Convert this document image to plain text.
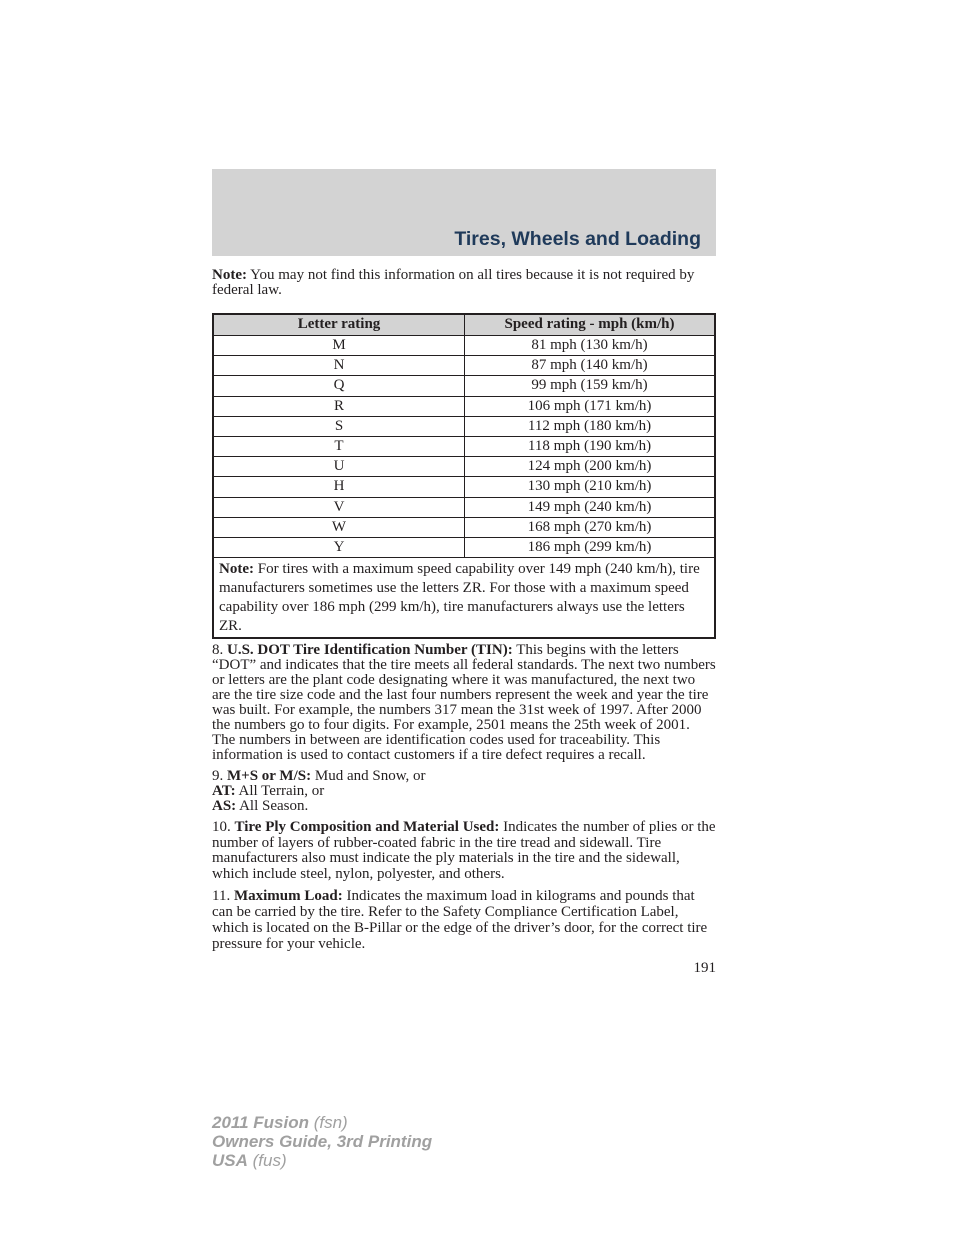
Tires, Wheels and Loading

Note: You may not find this information on all tires because it is not required by federal law.

Letter rating	Speed rating - mph (km/h)
M	81 mph (130 km/h)
N	87 mph (140 km/h)
Q	99 mph (159 km/h)
R	106 mph (171 km/h)
S	112 mph (180 km/h)
T	118 mph (190 km/h)
U	124 mph (200 km/h)
H	130 mph (210 km/h)
V	149 mph (240 km/h)
W	168 mph (270 km/h)
Y	186 mph (299 km/h)
Note: For tires with a maximum speed capability over 149 mph (240 km/h), tire manufacturers sometimes use the letters ZR. For those with a maximum speed capability over 186 mph (299 km/h), tire manufacturers always use the letters ZR.	

8. U.S. DOT Tire Identification Number (TIN): This begins with the letters “DOT” and indicates that the tire meets all federal standards. The next two numbers or letters are the plant code designating where it was manufactured, the next two are the tire size code and the last four numbers represent the week and year the tire was built. For example, the numbers 317 mean the 31st week of 1997. After 2000 the numbers go to four digits. For example, 2501 means the 25th week of 2001. The numbers in between are identification codes used for traceability. This information is used to contact customers if a tire defect requires a recall.

9. M+S or M/S: Mud and Snow, or
AT: All Terrain, or
AS: All Season.

10. Tire Ply Composition and Material Used: Indicates the number of plies or the number of layers of rubber-coated fabric in the tire tread and sidewall. Tire manufacturers also must indicate the ply materials in the tire and the sidewall, which include steel, nylon, polyester, and others.

11. Maximum Load: Indicates the maximum load in kilograms and pounds that can be carried by the tire. Refer to the Safety Compliance Certification Label, which is located on the B-Pillar or the edge of the driver’s door, for the correct tire pressure for your vehicle.

191
2011 Fusion (fsn)
Owners Guide, 3rd Printing
USA (fus)
